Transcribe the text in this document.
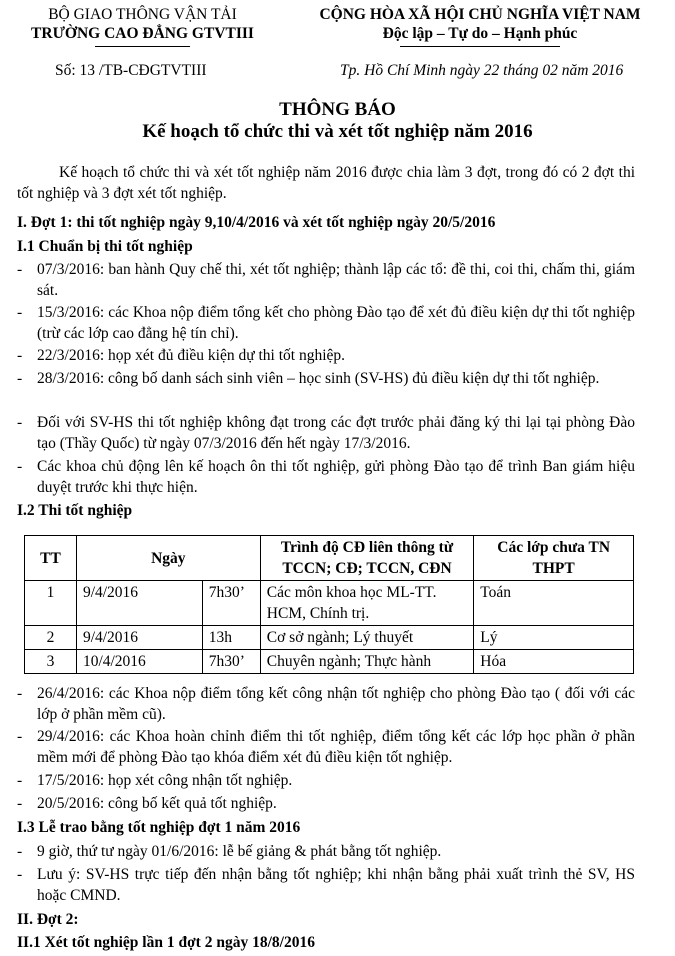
BỘ GIAO THÔNG VẬN TẢI
TRƯỜNG CAO ĐẲNG GTVTIII
CỘNG HÒA XÃ HỘI CHỦ NGHĨA VIỆT NAM
Độc lập – Tự do – Hạnh phúc
Số: 13 /TB-CĐGTVTIII	Tp. Hồ Chí Minh ngày 22 tháng 02 năm 2016
THÔNG BÁO
Kế hoạch tổ chức thi và xét tốt nghiệp năm 2016
Kế hoạch tổ chức thi và xét tốt nghiệp năm 2016 được chia làm 3 đợt, trong đó có 2 đợt thi tốt nghiệp và 3 đợt xét tốt nghiệp.
I. Đợt 1: thi tốt nghiệp ngày 9,10/4/2016 và xét tốt nghiệp ngày 20/5/2016
I.1 Chuẩn bị thi tốt nghiệp
- 07/3/2016: ban hành Quy chế thi, xét tốt nghiệp; thành lập các tổ: đề thi, coi thi, chấm thi, giám sát.
- 15/3/2016: các Khoa nộp điểm tổng kết cho phòng Đào tạo để xét đủ điều kiện dự thi tốt nghiệp (trừ các lớp cao đẳng hệ tín chỉ).
- 22/3/2016: họp xét đủ điều kiện dự thi tốt nghiệp.
- 28/3/2016: công bố danh sách sinh viên – học sinh (SV-HS) đủ điều kiện dự thi tốt nghiệp.
- Đối với SV-HS thi tốt nghiệp không đạt trong các đợt trước phải đăng ký thi lại tại phòng Đào tạo (Thầy Quốc) từ ngày 07/3/2016 đến hết ngày 17/3/2016.
- Các khoa chủ động lên kế hoạch ôn thi tốt nghiệp, gửi phòng Đào tạo để trình Ban giám hiệu duyệt trước khi thực hiện.
I.2 Thi tốt nghiệp
TT	Ngày		Trình độ CĐ liên thông từ TCCN; CĐ; TCCN, CĐN	Các lớp chưa TN THPT
1	9/4/2016	7h30’	Các môn khoa học ML-TT. HCM, Chính trị.	Toán
2	9/4/2016	13h	Cơ sở ngành; Lý thuyết	Lý
3	10/4/2016	7h30’	Chuyên ngành; Thực hành	Hóa
- 26/4/2016: các Khoa nộp điểm tổng kết công nhận tốt nghiệp cho phòng Đào tạo ( đối với các lớp ở phần mềm cũ).
- 29/4/2016: các Khoa hoàn chỉnh điểm thi tốt nghiệp, điểm tổng kết các lớp học phần ở phần mềm mới để phòng Đào tạo khóa điểm xét đủ điều kiện tốt nghiệp.
- 17/5/2016: họp xét công nhận tốt nghiệp.
- 20/5/2016: công bố kết quả tốt nghiệp.
I.3 Lễ trao bằng tốt nghiệp đợt 1 năm 2016
- 9 giờ, thứ tư ngày 01/6/2016: lễ bế giảng & phát bằng tốt nghiệp.
- Lưu ý: SV-HS trực tiếp đến nhận bằng tốt nghiệp; khi nhận bằng phải xuất trình thẻ SV, HS hoặc CMND.
II. Đợt 2:
II.1 Xét tốt nghiệp lần 1 đợt 2 ngày 18/8/2016
